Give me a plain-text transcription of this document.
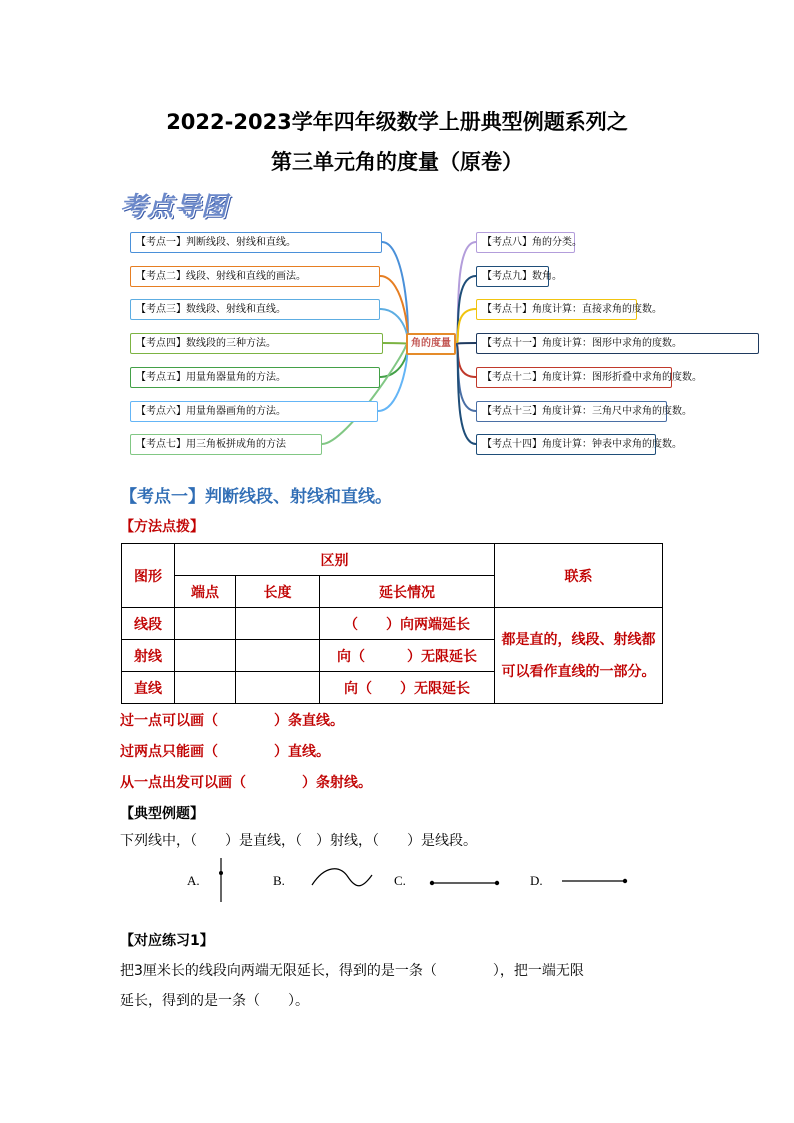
2022-2023学年四年级数学上册典型例题系列之
第三单元角的度量（原卷）
考点导图
【考点一】判断线段、射线和直线。
【考点二】线段、射线和直线的画法。
【考点三】数线段、射线和直线。
【考点四】数线段的三种方法。
【考点五】用量角器量角的方法。
【考点六】用量角器画角的方法。
【考点七】用三角板拼成角的方法
【考点八】角的分类。
【考点九】数角。
【考点十】角度计算：直接求角的度数。
【考点十一】角度计算：图形中求角的度数。
【考点十二】角度计算：图形折叠中求角的度数。
【考点十三】角度计算：三角尺中求角的度数。
【考点十四】角度计算：钟表中求角的度数。
角的度量
【考点一】判断线段、射线和直线。
【方法点拨】
图形	区别			联系
	端点	长度	延长情况	
线段			（　　）向两端延长	都是直的，线段、射线都可以看作直线的一部分。
射线			向（　　　）无限延长	
直线			向（　　）无限延长	
过一点可以画（　　　　）条直线。
过两点只能画（　　　　）直线。
从一点出发可以画（　　　　）条射线。
【典型例题】
下列线中，（　　）是直线，（　）射线，（　　）是线段。
A.	B.	C.	D.
【对应练习1】
把3厘米长的线段向两端无限延长，得到的是一条（　　　　），把一端无限
延长，得到的是一条（　　）。
